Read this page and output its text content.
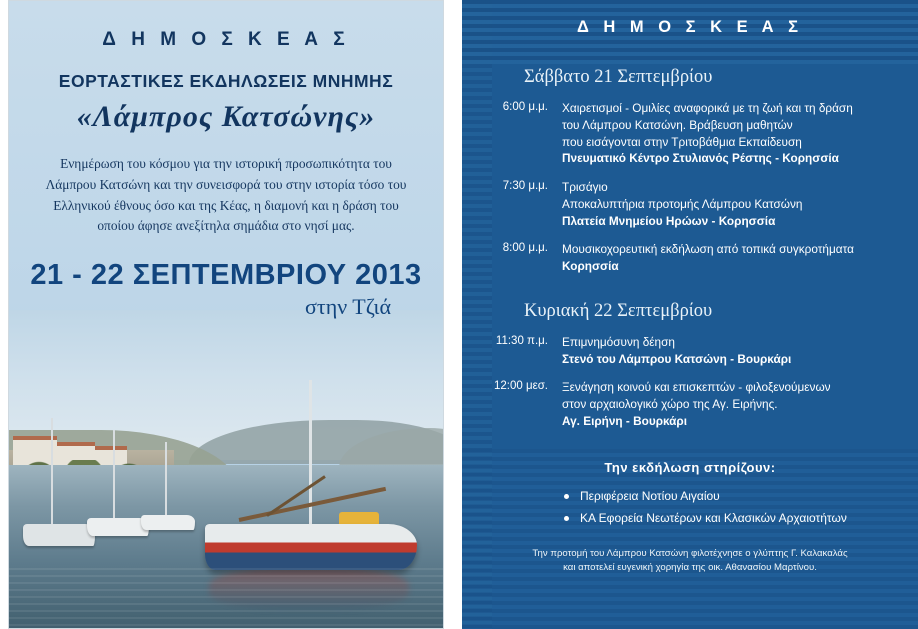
Δ Η Μ Ο Σ Κ Ε Α Σ
ΕΟΡΤΑΣΤΙΚΕΣ ΕΚΔΗΛΩΣΕΙΣ ΜΝΗΜΗΣ
«Λάμπρος Κατσώνης»
Ενημέρωση του κόσμου για την ιστορική προσωπικότητα του Λάμπρου Κατσώνη και την συνεισφορά του στην ιστορία τόσο του Ελληνικού έθνους όσο και της Κέας, η διαμονή και η δράση του οποίου άφησε ανεξίτηλα σημάδια στο νησί μας.
21 - 22 ΣΕΠΤΕΜΒΡΙΟΥ 2013
στην Τζιά
Δ Η Μ Ο Σ Κ Ε Α Σ
Σάββατο 21 Σεπτεμβρίου
6:00 μ.μ.	Χαιρετισμοί - Ομιλίες αναφορικά με τη ζωή και τη δράση
του Λάμπρου Κατσώνη. Βράβευση μαθητών
που εισάγονται στην Τριτοβάθμια Εκπαίδευση
Πνευματικό Κέντρο Στυλιανός Ρέστης - Κορησσία
7:30 μ.μ.	Τρισάγιο
Αποκαλυπτήρια προτομής Λάμπρου Κατσώνη
Πλατεία Μνημείου Ηρώων - Κορησσία
8:00 μ.μ.	Μουσικοχορευτική εκδήλωση από τοπικά συγκροτήματα
Κορησσία
Κυριακή 22 Σεπτεμβρίου
11:30 π.μ.	Επιμνημόσυνη δέηση
Στενό του Λάμπρου Κατσώνη - Βουρκάρι
12:00 μεσ.	Ξενάγηση κοινού και επισκεπτών - φιλοξενούμενων
στον αρχαιολογικό χώρο της Αγ. Ειρήνης.
Αγ. Ειρήνη - Βουρκάρι
Την εκδήλωση στηρίζουν:
Περιφέρεια Νοτίου Αιγαίου
ΚΑ Εφορεία Νεωτέρων και Κλασικών Αρχαιοτήτων
Την προτομή του Λάμπρου Κατσώνη φιλοτέχνησε ο γλύπτης Γ. Καλακαλάς
και αποτελεί ευγενική χορηγία της οικ. Αθανασίου Μαρτίνου.
